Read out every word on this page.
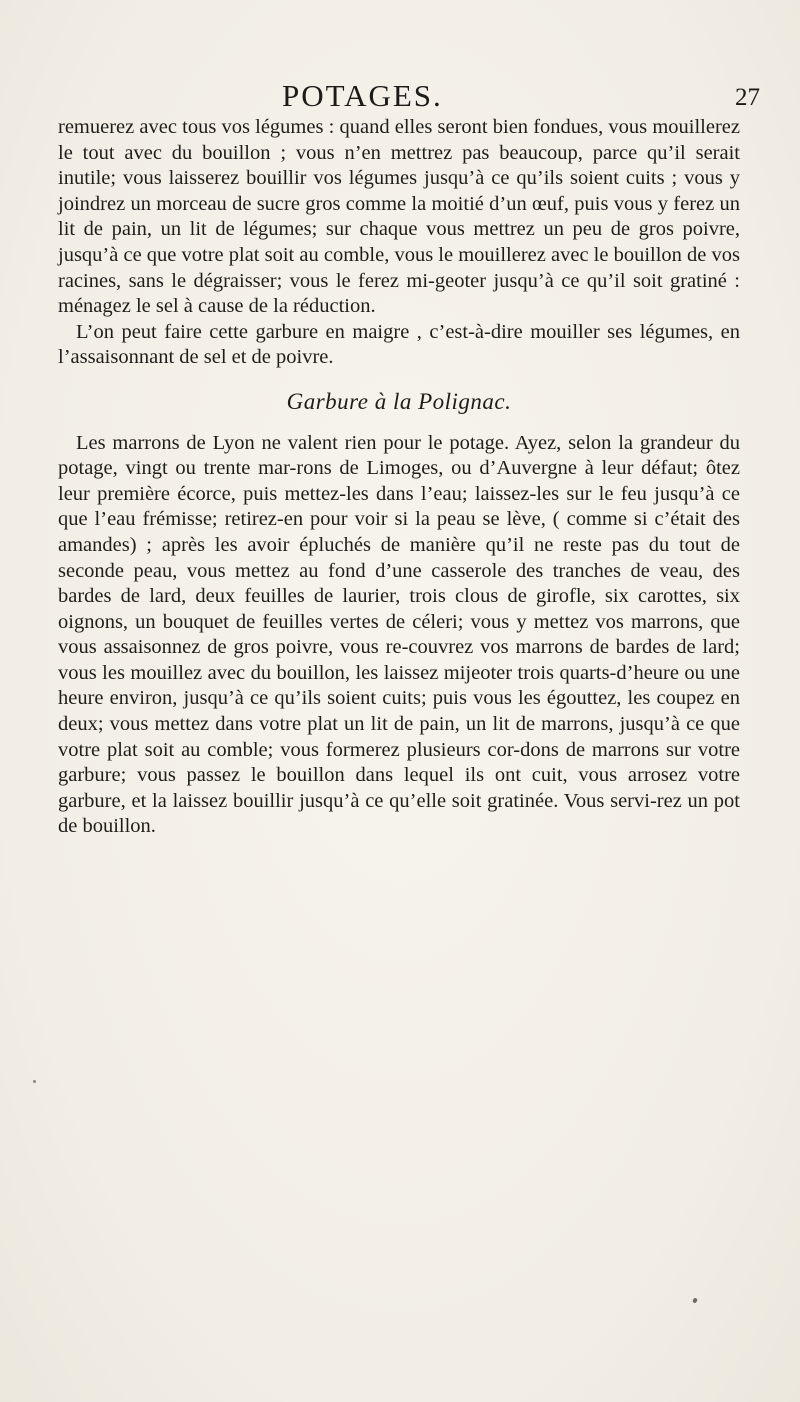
POTAGES.	27

remuerez avec tous vos légumes : quand elles seront bien fondues, vous mouillerez le tout avec du bouillon ; vous n’en mettrez pas beaucoup, parce qu’il serait inutile; vous laisserez bouillir vos légumes jusqu’à ce qu’ils soient cuits ; vous y joindrez un morceau de sucre gros comme la moitié d’un œuf, puis vous y ferez un lit de pain, un lit de légumes; sur chaque vous mettrez un peu de gros poivre, jusqu’à ce que votre plat soit au comble, vous le mouillerez avec le bouillon de vos racines, sans le dégraisser; vous le ferez mi-geoter jusqu’à ce qu’il soit gratiné : ménagez le sel à cause de la réduction.

L’on peut faire cette garbure en maigre , c’est-à-dire mouiller ses légumes, en l’assaisonnant de sel et de poivre.

Garbure à la Polignac.

Les marrons de Lyon ne valent rien pour le potage. Ayez, selon la grandeur du potage, vingt ou trente mar-rons de Limoges, ou d’Auvergne à leur défaut; ôtez leur première écorce, puis mettez-les dans l’eau; laissez-les sur le feu jusqu’à ce que l’eau frémisse; retirez-en pour voir si la peau se lève, ( comme si c’était des amandes) ; après les avoir épluchés de manière qu’il ne reste pas du tout de seconde peau, vous mettez au fond d’une casserole des tranches de veau, des bardes de lard, deux feuilles de laurier, trois clous de girofle, six carottes, six oignons, un bouquet de feuilles vertes de céleri; vous y mettez vos marrons, que vous assaisonnez de gros poivre, vous re-couvrez vos marrons de bardes de lard; vous les mouillez avec du bouillon, les laissez mijeoter trois quarts-d’heure ou une heure environ, jusqu’à ce qu’ils soient cuits; puis vous les égouttez, les coupez en deux; vous mettez dans votre plat un lit de pain, un lit de marrons, jusqu’à ce que votre plat soit au comble; vous formerez plusieurs cor-dons de marrons sur votre garbure; vous passez le bouillon dans lequel ils ont cuit, vous arrosez votre garbure, et la laissez bouillir jusqu’à ce qu’elle soit gratinée. Vous servi-rez un pot de bouillon.
